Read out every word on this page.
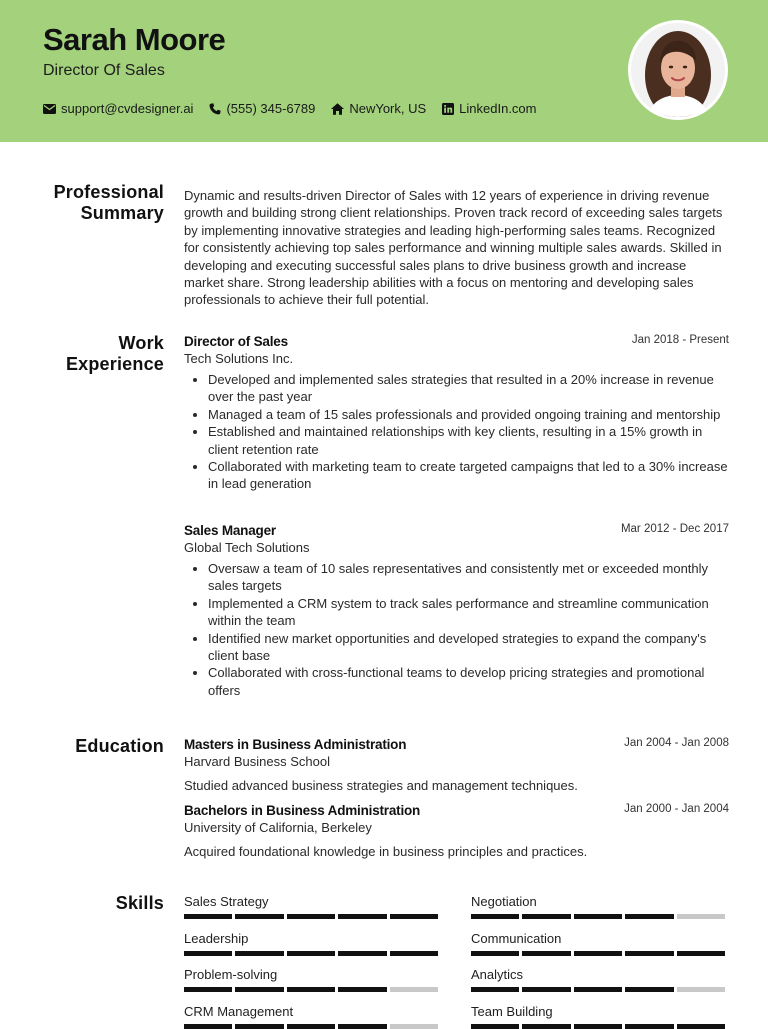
Sarah Moore
Director Of Sales
support@cvdesigner.ai	(555) 345-6789	NewYork, US	LinkedIn.com
Professional
Summary
Dynamic and results-driven Director of Sales with 12 years of experience in driving revenue growth and building strong client relationships. Proven track record of exceeding sales targets by implementing innovative strategies and leading high-performing sales teams. Recognized for consistently achieving top sales performance and winning multiple sales awards. Skilled in developing and executing successful sales plans to drive business growth and increase market share. Strong leadership abilities with a focus on mentoring and developing sales professionals to achieve their full potential.
Work
Experience
Director of Sales	Jan 2018 - Present
Tech Solutions Inc.
• Developed and implemented sales strategies that resulted in a 20% increase in revenue over the past year
• Managed a team of 15 sales professionals and provided ongoing training and mentorship
• Established and maintained relationships with key clients, resulting in a 15% growth in client retention rate
• Collaborated with marketing team to create targeted campaigns that led to a 30% increase in lead generation
Sales Manager	Mar 2012 - Dec 2017
Global Tech Solutions
• Oversaw a team of 10 sales representatives and consistently met or exceeded monthly sales targets
• Implemented a CRM system to track sales performance and streamline communication within the team
• Identified new market opportunities and developed strategies to expand the company's client base
• Collaborated with cross-functional teams to develop pricing strategies and promotional offers
Education Masters in Business Administration	Jan 2004 - Jan 2008
Harvard Business School
Studied advanced business strategies and management techniques.
Bachelors in Business Administration	Jan 2000 - Jan 2004
University of California, Berkeley
Acquired foundational knowledge in business principles and practices.
Skills Sales Strategy	Negotiation
Leadership	Communication
Problem-solving	Analytics
CRM Management	Team Building
